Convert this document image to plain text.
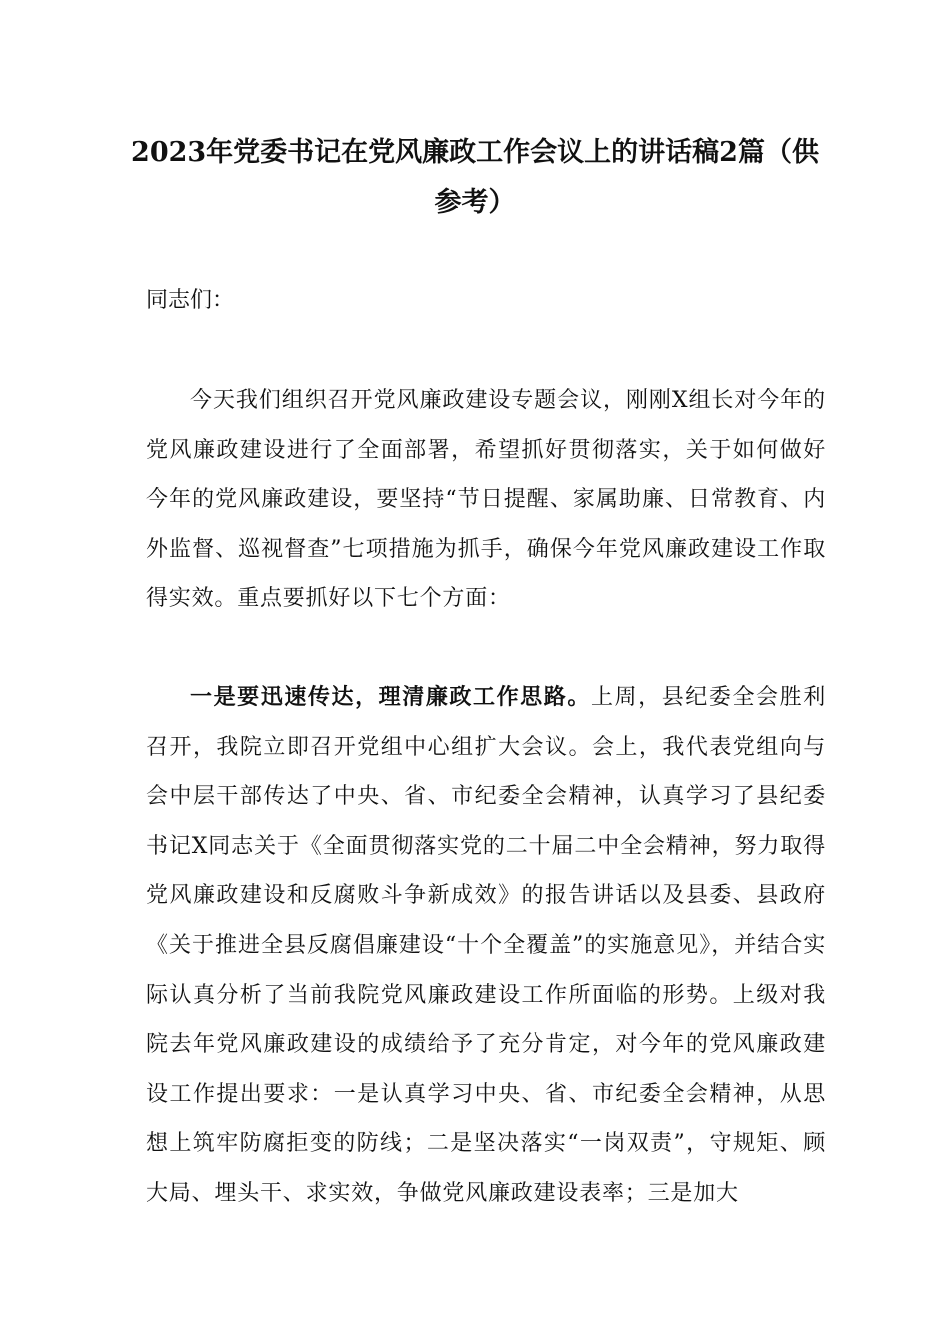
2023年党委书记在党风廉政工作会议上的讲话稿2篇（供参考）
同志们：

今天我们组织召开党风廉政建设专题会议，刚刚X组长对今年的党风廉政建设进行了全面部署，希望抓好贯彻落实，关于如何做好今年的党风廉政建设，要坚持“节日提醒、家属助廉、日常教育、内外监督、巡视督查”七项措施为抓手，确保今年党风廉政建设工作取得实效。重点要抓好以下七个方面：

一是要迅速传达，理清廉政工作思路。上周，县纪委全会胜利召开，我院立即召开党组中心组扩大会议。会上，我代表党组向与会中层干部传达了中央、省、市纪委全会精神，认真学习了县纪委书记X同志关于《全面贯彻落实党的二十届二中全会精神，努力取得党风廉政建设和反腐败斗争新成效》的报告讲话以及县委、县政府《关于推进全县反腐倡廉建设“十个全覆盖”的实施意见》，并结合实际认真分析了当前我院党风廉政建设工作所面临的形势。上级对我院去年党风廉政建设的成绩给予了充分肯定，对今年的党风廉政建设工作提出要求：一是认真学习中央、省、市纪委全会精神，从思想上筑牢防腐拒变的防线；二是坚决落实“一岗双责”，守规矩、顾大局、埋头干、求实效，争做党风廉政建设表率；三是加大
